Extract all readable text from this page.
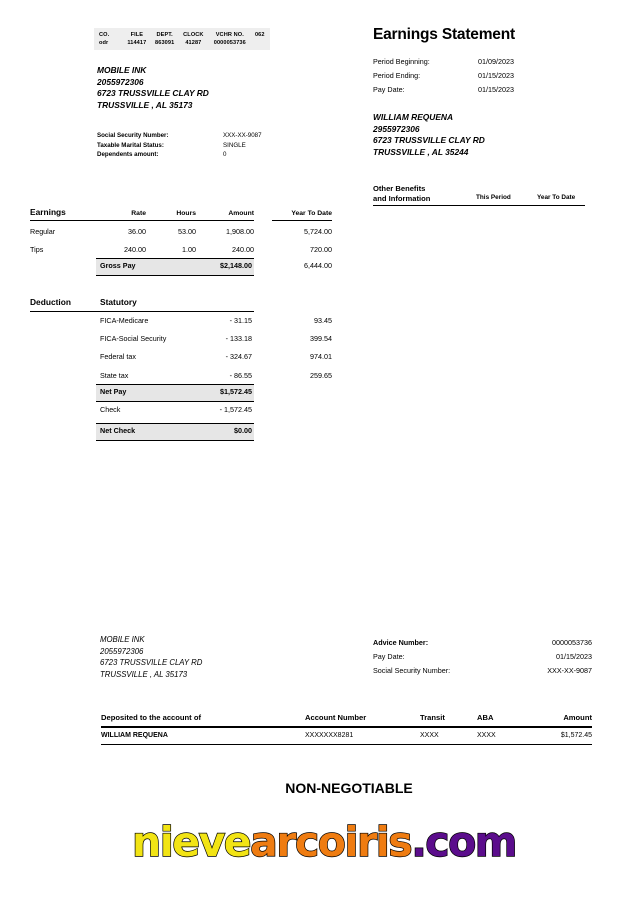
CO.	FILE	DEPT.	CLOCK	VCHR NO.	062
odr	114417	863091	41287	0000053736	
MOBILE INK
2055972306
6723 TRUSSVILLE CLAY RD
TRUSSVILLE , AL 35173
Social Security Number:	XXX-XX-9087
Taxable Marital Status:	SINGLE
Dependents amount:	0
Earnings Statement
Period Beginning:	01/09/2023
Period Ending:	01/15/2023
Pay Date:	01/15/2023
WILLIAM REQUENA
2955972306
6723 TRUSSVILLE CLAY RD
TRUSSVILLE , AL 35244
Other Benefits
and Information	This Period	Year To Date
Earnings	Rate	Hours	Amount	Year To Date
Regular	36.00	53.00	1,908.00	5,724.00
Tips	240.00	1.00	240.00	720.00
Gross Pay	$2,148.00	6,444.00
Deduction	Statutory
FICA-Medicare	- 31.15	93.45
FICA-Social Security	- 133.18	399.54
Federal tax	- 324.67	974.01
State tax	- 86.55	259.65
Net Pay	$1,572.45
Check	- 1,572.45
Net Check	$0.00
MOBILE INK
2055972306
6723 TRUSSVILLE CLAY RD
TRUSSVILLE , AL 35173
Advice Number:	0000053736
Pay Date:	01/15/2023
Social Security Number:	XXX-XX-9087
Deposited to the account of	Account Number	Transit	ABA	Amount
WILLIAM REQUENA	XXXXXXX8281	XXXX	XXXX	$1,572.45
NON-NEGOTIABLE
nievearcoiris.com
